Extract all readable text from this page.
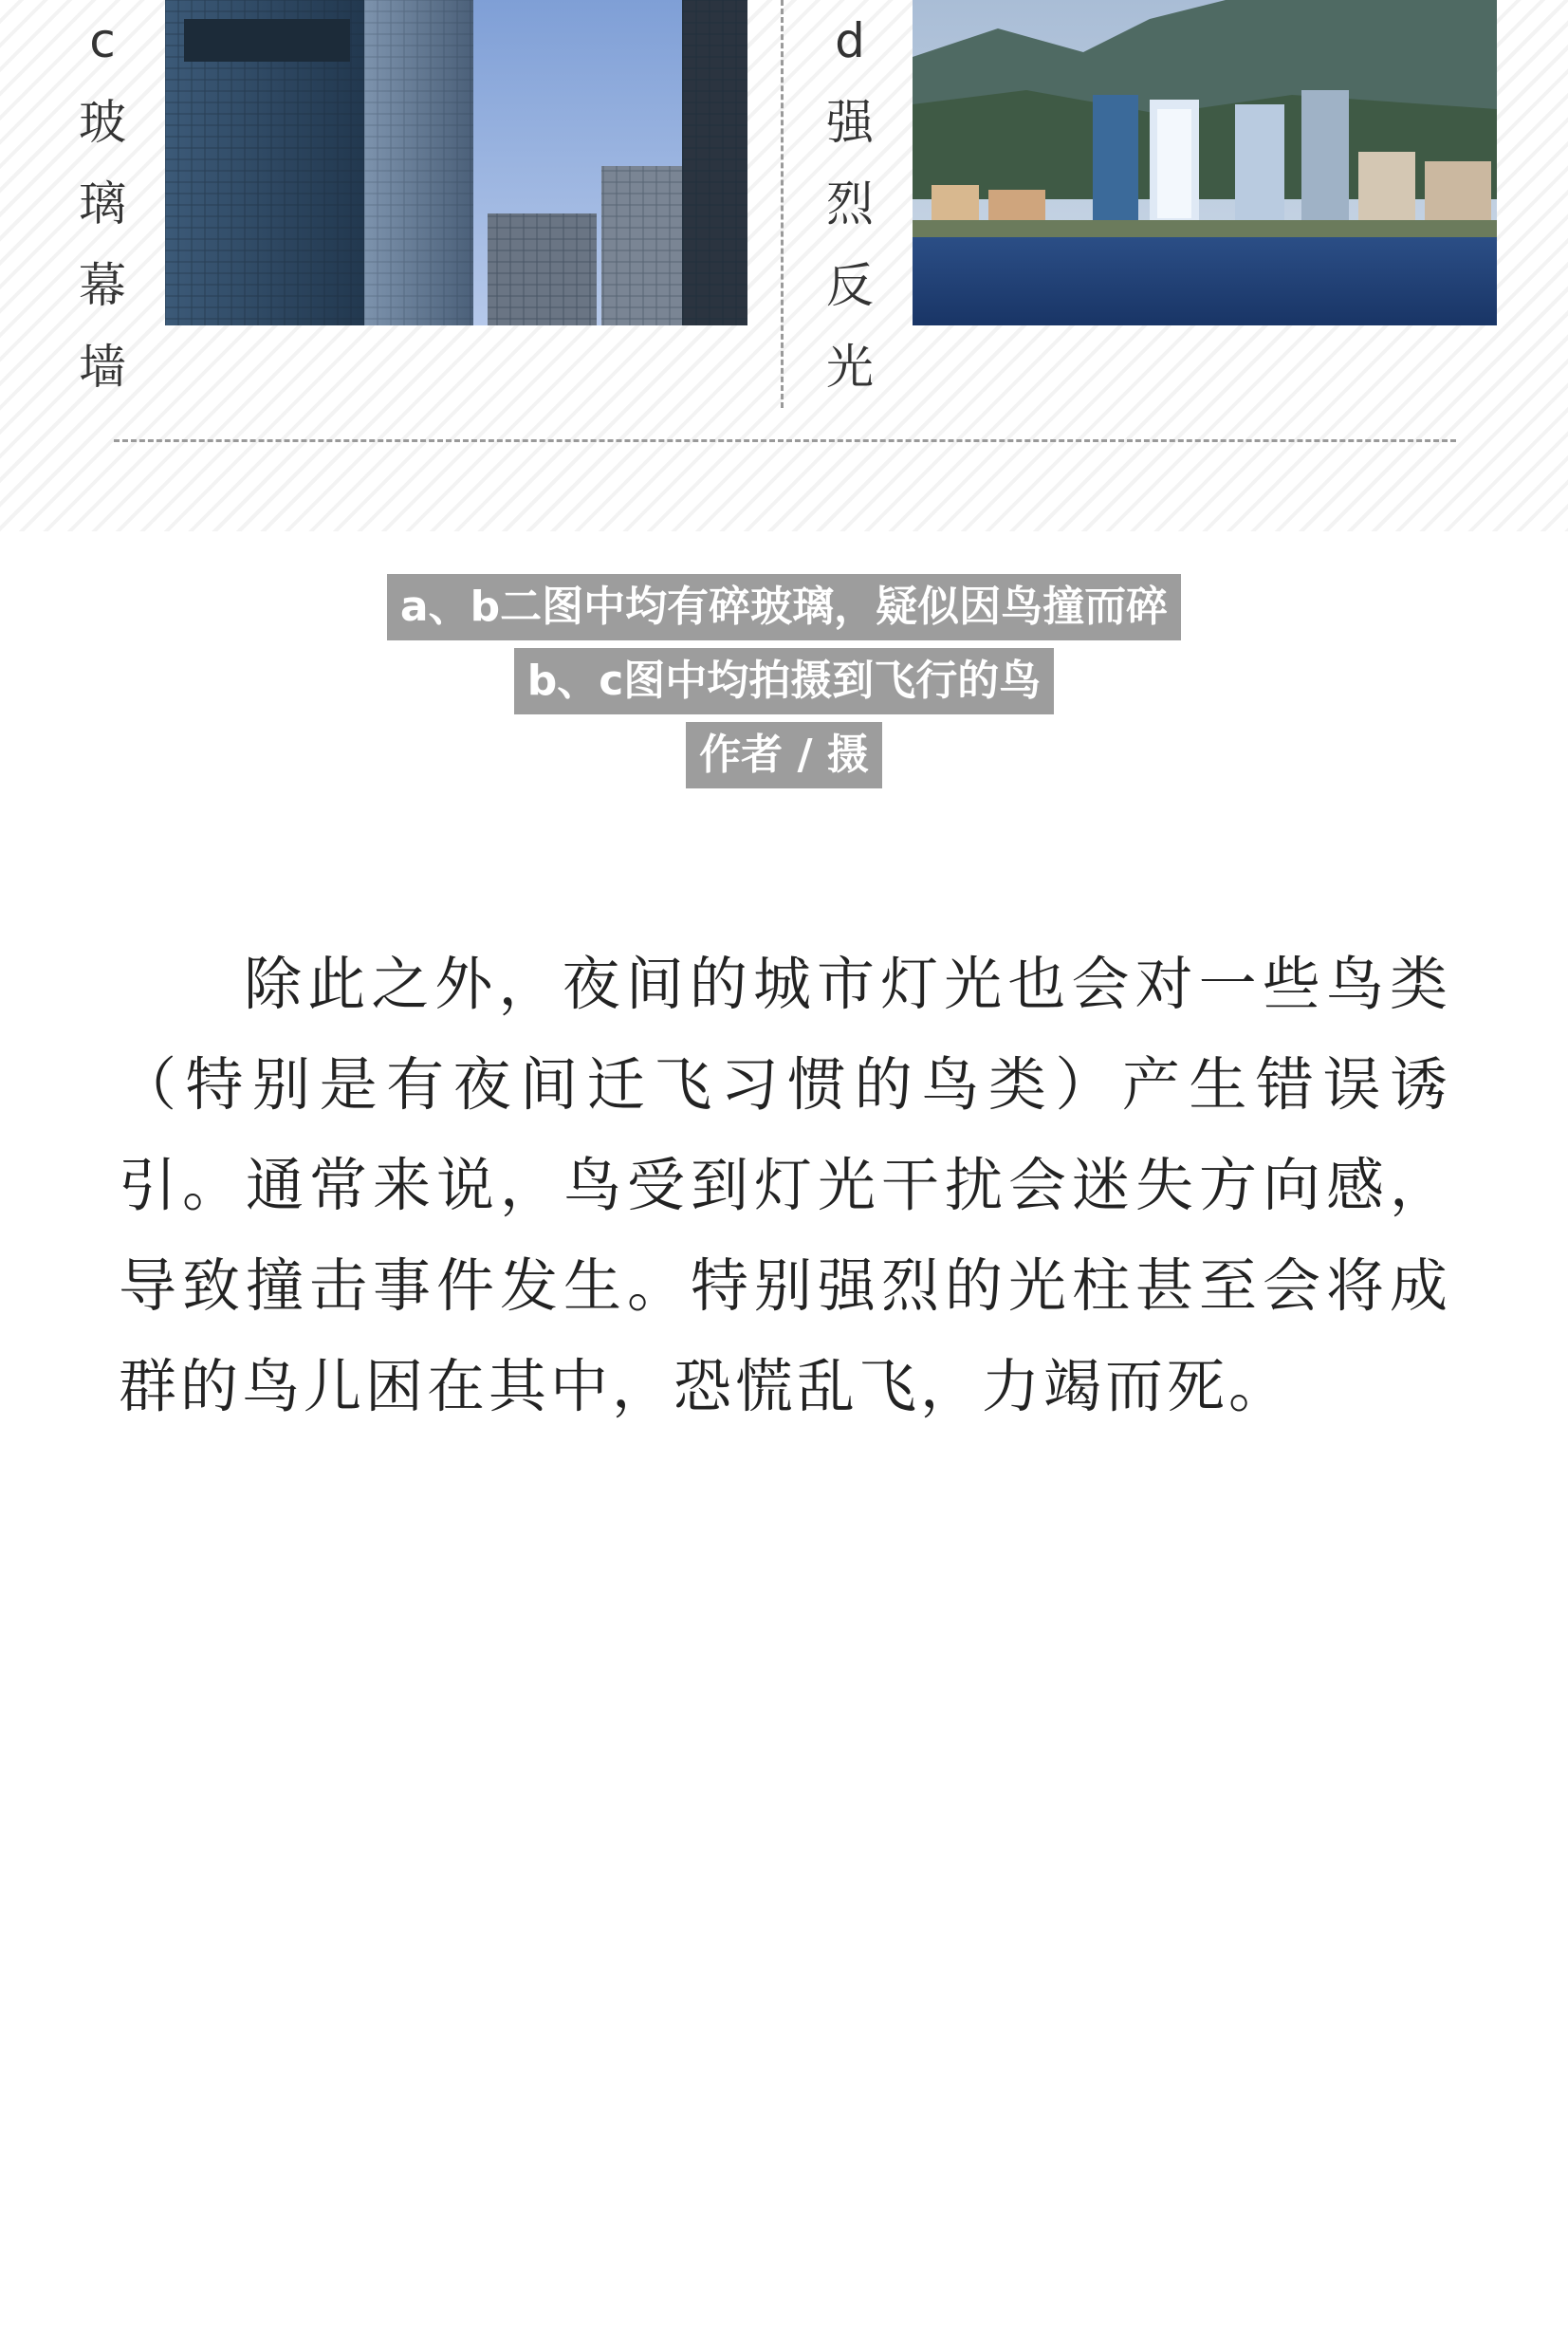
c
玻
璃
幕
墙
d
强
烈
反
光
a、b二图中均有碎玻璃，疑似因鸟撞而碎
b、c图中均拍摄到飞行的鸟
作者 / 摄
除此之外，夜间的城市灯光也会对一些鸟类（特别是有夜间迁飞习惯的鸟类）产生错误诱引。通常来说，鸟受到灯光干扰会迷失方向感，导致撞击事件发生。特别强烈的光柱甚至会将成群的鸟儿困在其中，恐慌乱飞，力竭而死。
